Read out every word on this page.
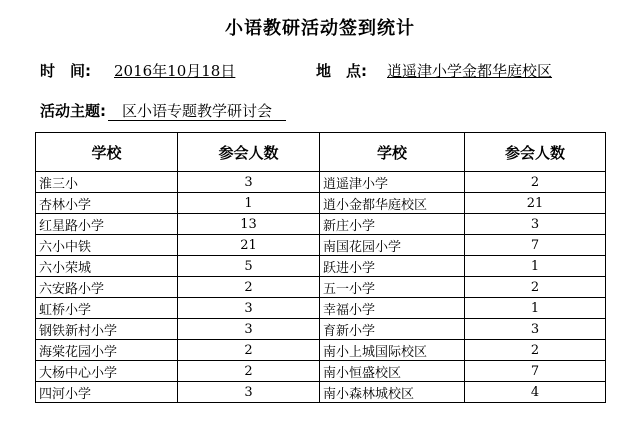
小语教研活动签到统计
时　间: 2016年10月18日	地　点: 逍遥津小学金都华庭校区
活动主题: 区小语专题教学研讨会
学校	参会人数	学校	参会人数
淮三小	3	逍遥津小学	2
杏林小学	1	逍小金都华庭校区	21
红星路小学	13	新庄小学	3
六小中铁	21	南国花园小学	7
六小荣城	5	跃进小学	1
六安路小学	2	五一小学	2
虹桥小学	3	幸福小学	1
钢铁新村小学	3	育新小学	3
海棠花园小学	2	南小上城国际校区	2
大杨中心小学	2	南小恒盛校区	7
四河小学	3	南小森林城校区	4
